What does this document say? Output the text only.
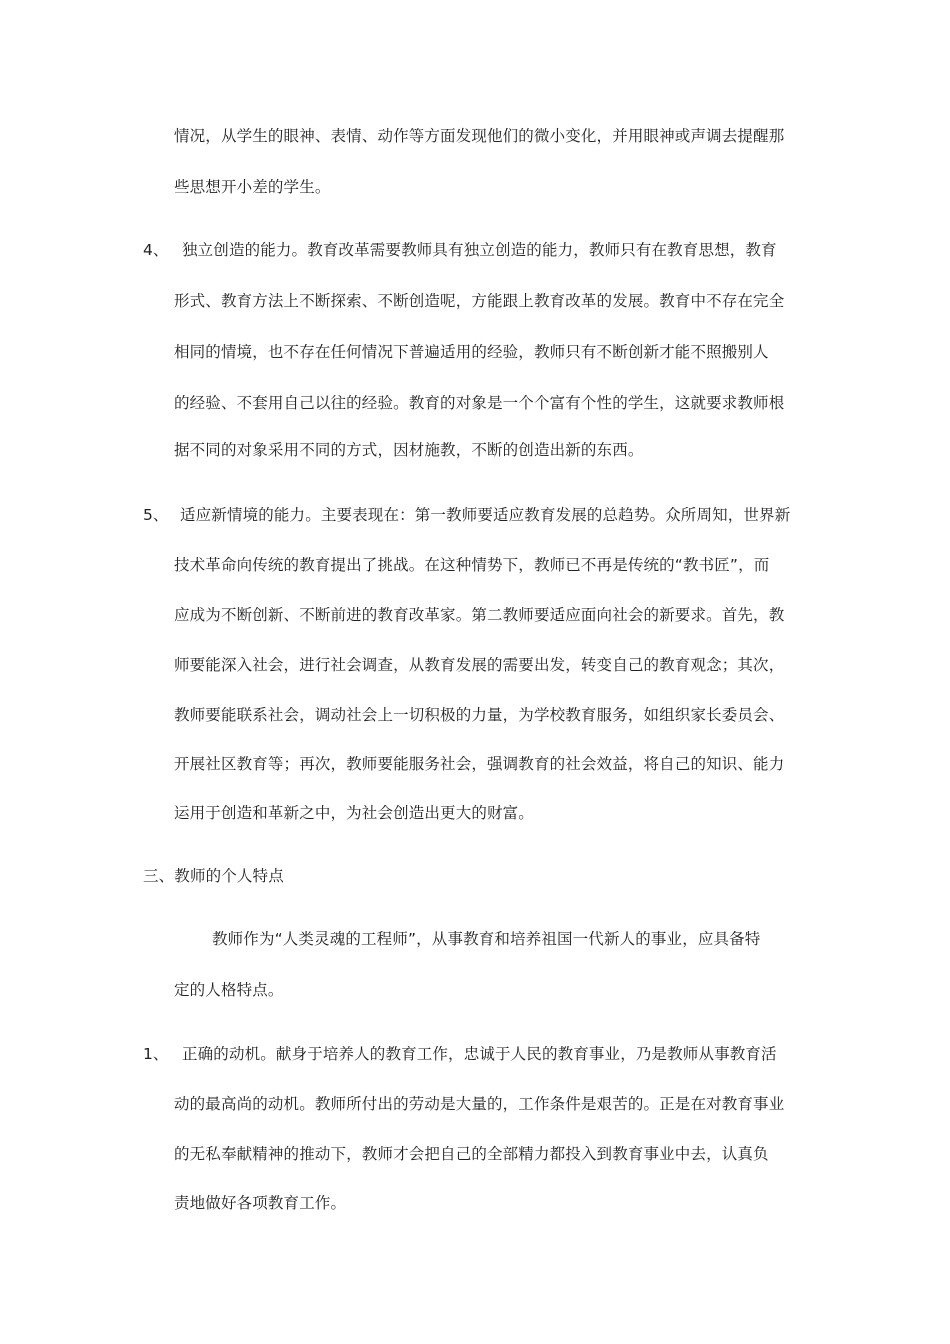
情况，从学生的眼神、表情、动作等方面发现他们的微小变化，并用眼神或声调去提醒那
些思想开小差的学生。
4、 独立创造的能力。教育改革需要教师具有独立创造的能力，教师只有在教育思想，教育
形式、教育方法上不断探索、不断创造呢，方能跟上教育改革的发展。教育中不存在完全
相同的情境，也不存在任何情况下普遍适用的经验，教师只有不断创新才能不照搬别人
的经验、不套用自己以往的经验。教育的对象是一个个富有个性的学生，这就要求教师根
据不同的对象采用不同的方式，因材施教，不断的创造出新的东西。
5、 适应新情境的能力。主要表现在：第一教师要适应教育发展的总趋势。众所周知，世界新
技术革命向传统的教育提出了挑战。在这种情势下，教师已不再是传统的“教书匠”，而
应成为不断创新、不断前进的教育改革家。第二教师要适应面向社会的新要求。首先，教
师要能深入社会，进行社会调查，从教育发展的需要出发，转变自己的教育观念；其次，
教师要能联系社会，调动社会上一切积极的力量，为学校教育服务，如组织家长委员会、
开展社区教育等；再次，教师要能服务社会，强调教育的社会效益，将自己的知识、能力
运用于创造和革新之中，为社会创造出更大的财富。
三、教师的个人特点
教师作为“人类灵魂的工程师”，从事教育和培养祖国一代新人的事业，应具备特
定的人格特点。
1、 正确的动机。献身于培养人的教育工作，忠诚于人民的教育事业，乃是教师从事教育活
动的最高尚的动机。教师所付出的劳动是大量的，工作条件是艰苦的。正是在对教育事业
的无私奉献精神的推动下，教师才会把自己的全部精力都投入到教育事业中去，认真负
责地做好各项教育工作。
